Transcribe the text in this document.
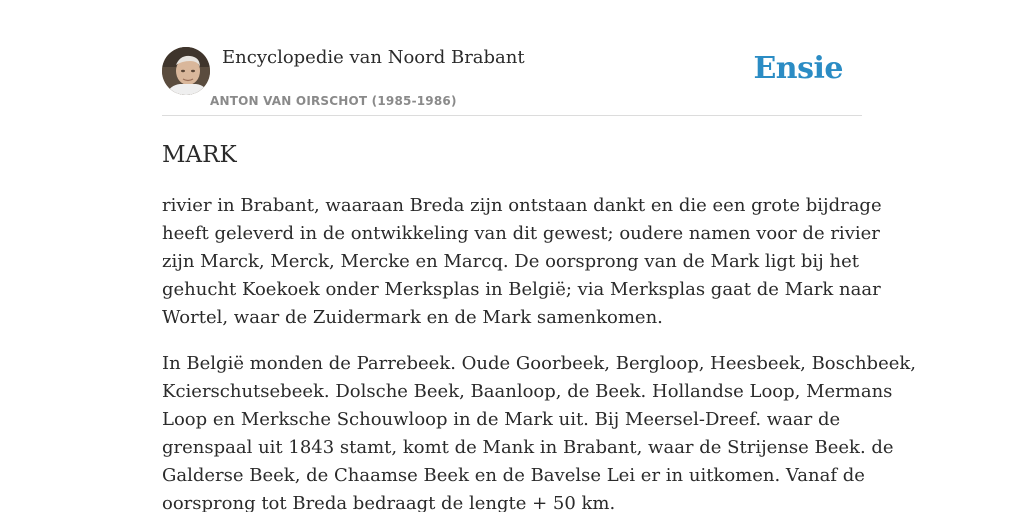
Encyclopedie van Noord Brabant
ANTON VAN OIRSCHOT (1985-1986)
Ensie
MARK

rivier in Brabant, waaraan Breda zijn ontstaan dankt en die een grote bijdrage
heeft geleverd in de ontwikkeling van dit gewest; oudere namen voor de rivier
zijn Marck, Merck, Mercke en Marcq. De oorsprong van de Mark ligt bij het
gehucht Koekoek onder Merksplas in België; via Merksplas gaat de Mark naar
Wortel, waar de Zuidermark en de Mark samenkomen.

In België monden de Parrebeek. Oude Goorbeek, Bergloop, Heesbeek, Boschbeek,
Kcierschutsebeek. Dolsche Beek, Baanloop, de Beek. Hollandse Loop, Mermans
Loop en Merksche Schouwloop in de Mark uit. Bij Meersel-Dreef. waar de
grenspaal uit 1843 stamt, komt de Mank in Brabant, waar de Strijense Beek. de
Galderse Beek, de Chaamse Beek en de Bavelse Lei er in uitkomen. Vanaf de
oorsprong tot Breda bedraagt de lengte + 50 km.
